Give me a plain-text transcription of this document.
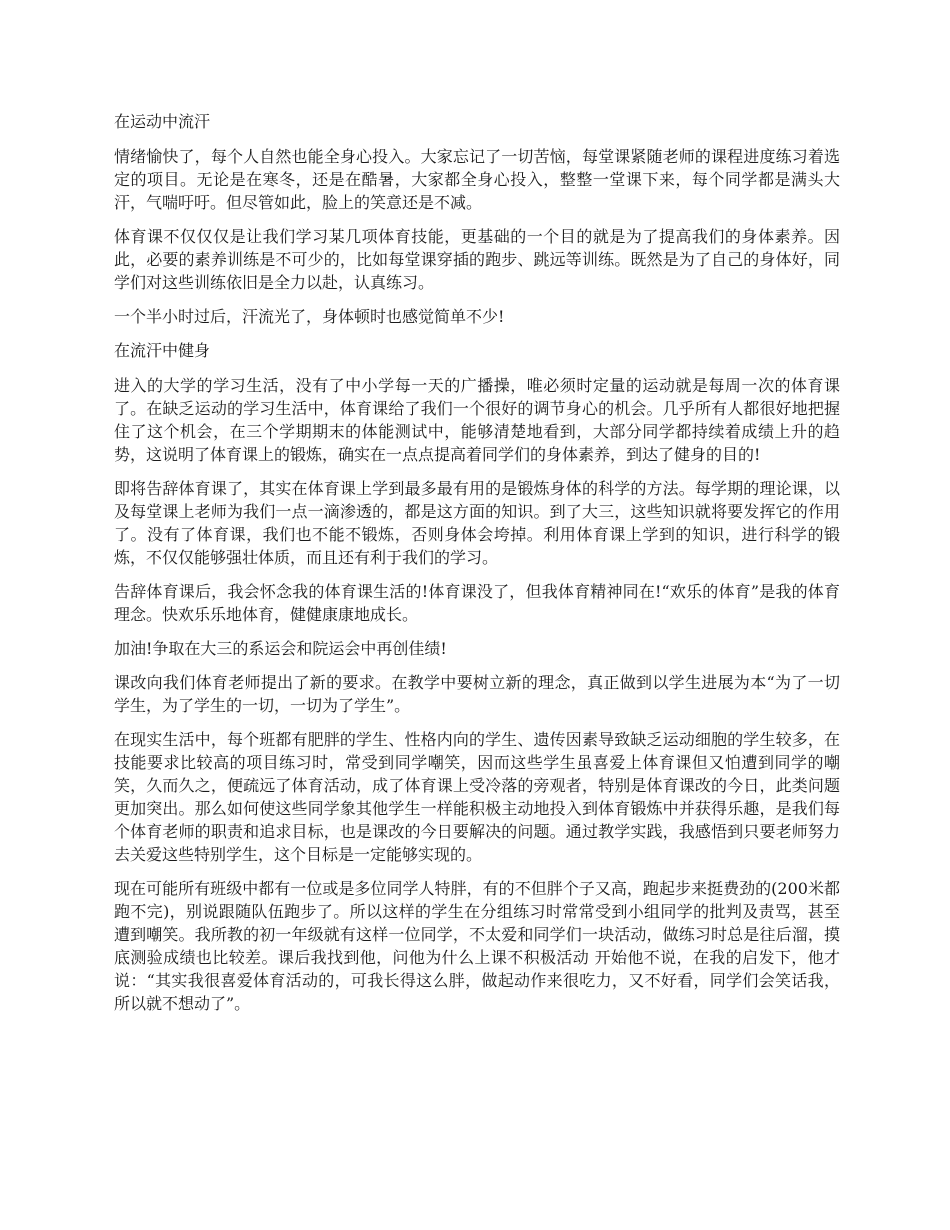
在运动中流汗

情绪愉快了，每个人自然也能全身心投入。大家忘记了一切苦恼，每堂课紧随老师的课程进度练习着选定的项目。无论是在寒冬，还是在酷暑，大家都全身心投入，整整一堂课下来，每个同学都是满头大汗，气喘吁吁。但尽管如此，脸上的笑意还是不减。

体育课不仅仅仅是让我们学习某几项体育技能，更基础的一个目的就是为了提高我们的身体素养。因此，必要的素养训练是不可少的，比如每堂课穿插的跑步、跳远等训练。既然是为了自己的身体好，同学们对这些训练依旧是全力以赴，认真练习。

一个半小时过后，汗流光了，身体顿时也感觉简单不少!

在流汗中健身

进入的大学的学习生活，没有了中小学每一天的广播操，唯必须时定量的运动就是每周一次的体育课了。在缺乏运动的学习生活中，体育课给了我们一个很好的调节身心的机会。几乎所有人都很好地把握住了这个机会，在三个学期期末的体能测试中，能够清楚地看到，大部分同学都持续着成绩上升的趋势，这说明了体育课上的锻炼，确实在一点点提高着同学们的身体素养，到达了健身的目的!

即将告辞体育课了，其实在体育课上学到最多最有用的是锻炼身体的科学的方法。每学期的理论课，以及每堂课上老师为我们一点一滴渗透的，都是这方面的知识。到了大三，这些知识就将要发挥它的作用了。没有了体育课，我们也不能不锻炼，否则身体会垮掉。利用体育课上学到的知识，进行科学的锻炼，不仅仅能够强壮体质，而且还有利于我们的学习。

告辞体育课后，我会怀念我的体育课生活的!体育课没了，但我体育精神同在!“欢乐的体育”是我的体育理念。快欢乐乐地体育，健健康康地成长。

加油!争取在大三的系运会和院运会中再创佳绩!

课改向我们体育老师提出了新的要求。在教学中要树立新的理念，真正做到以学生进展为本“为了一切学生，为了学生的一切，一切为了学生”。

在现实生活中，每个班都有肥胖的学生、性格内向的学生、遗传因素导致缺乏运动细胞的学生较多，在技能要求比较高的项目练习时，常受到同学嘲笑，因而这些学生虽喜爱上体育课但又怕遭到同学的嘲笑，久而久之，便疏远了体育活动，成了体育课上受冷落的旁观者，特别是体育课改的今日，此类问题更加突出。那么如何使这些同学象其他学生一样能积极主动地投入到体育锻炼中并获得乐趣，是我们每个体育老师的职责和追求目标，也是课改的今日要解决的问题。通过教学实践，我感悟到只要老师努力去关爱这些特别学生，这个目标是一定能够实现的。

现在可能所有班级中都有一位或是多位同学人特胖，有的不但胖个子又高，跑起步来挺费劲的(200米都跑不完)，别说跟随队伍跑步了。所以这样的学生在分组练习时常常受到小组同学的批判及责骂，甚至遭到嘲笑。我所教的初一年级就有这样一位同学，不太爱和同学们一块活动，做练习时总是往后溜，摸底测验成绩也比较差。课后我找到他，问他为什么上课不积极活动 开始他不说，在我的启发下，他才说：“其实我很喜爱体育活动的，可我长得这么胖，做起动作来很吃力，又不好看，同学们会笑话我，所以就不想动了”。
